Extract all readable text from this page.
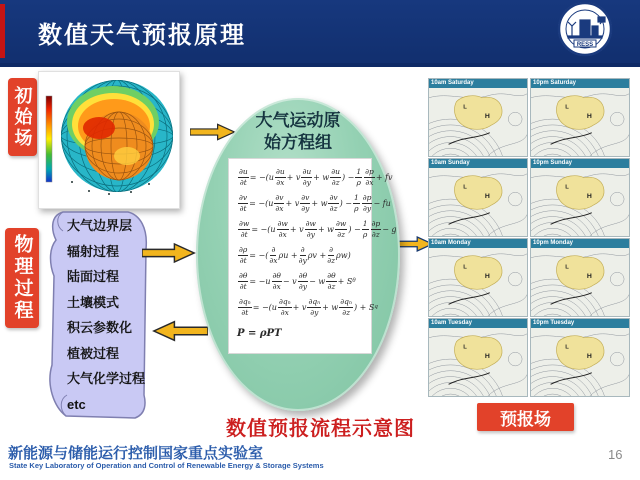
数值天气预报原理	RESS
初始场
物理过程
大气边界层
辐射过程
陆面过程
土壤模式
积云参数化
植被过程
大气化学过程
etc
大气运动原
始方程组
$\frac{\partial u}{\partial t} = -(u \frac{\partial u}{\partial x} + v \frac{\partial u}{\partial y} + w \frac{\partial u}{\partial z}$ ) − $\frac{1}{\rho} \frac{\partial p}{\partial x}$ + fv
$\frac{\partial v}{\partial t} = -(u \frac{\partial v}{\partial x} + v \frac{\partial v}{\partial y} + w \frac{\partial v}{\partial z}$ ) − $\frac{1}{\rho} \frac{\partial p}{\partial y}$ − fu
$\frac{\partial w}{\partial t} = -(u \frac{\partial w}{\partial x} + v \frac{\partial w}{\partial y} + w \frac{\partial w}{\partial z}$ ) − $\frac{1}{\rho} \frac{\partial p}{\partial z} - g$
$\frac{\partial\rho}{\partial t}$ = −( $\frac{\partial}{\partial x}$ $\rho u + \frac{\partial}{\partial y}$ $\rho v + \frac{\partial}{\partial z} \rho w$)
$\frac{\partial\theta}{\partial t} = -u \frac{\partial\theta}{\partial x} - v \frac{\partial\theta}{\partial y} - w \frac{\partial\theta}{\partial z} + S$ θ
$\frac{\text{∂qₙ}}{\partial t} = -(u \frac{\text{∂qₙ}}{\partial x} + v \frac{\text{∂qₙ}}{\partial y} + w \frac{\text{∂qₙ}}{\partial z}$ ) + S q
P = ρPT
数值预报流程示意图
10am Saturday
H
L
10pm Saturday
H
L
10am Sunday
H
L
10pm Sunday
H
L
10am Monday
H
L
10pm Monday
H
L
10am Tuesday
H
L
10pm Tuesday
H
L
预报场
新能源与储能运行控制国家重点实验室
State Key Laboratory of Operation and Control of Renewable Energy & Storage Systems
16
